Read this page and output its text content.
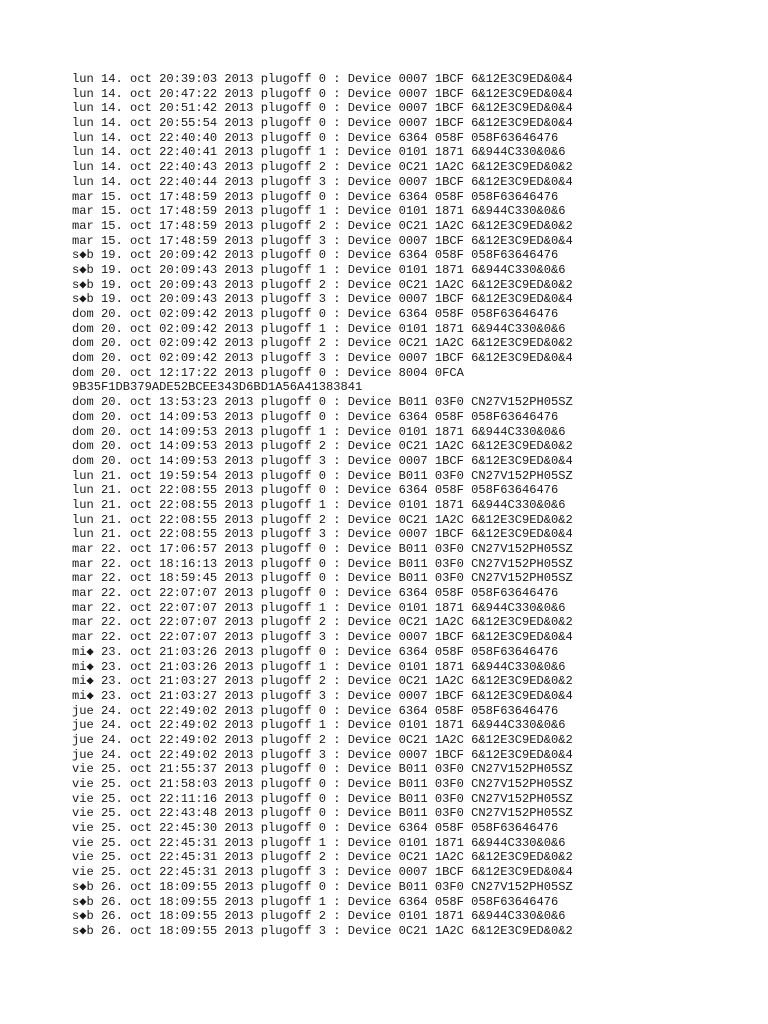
lun 14. oct 20:39:03 2013 plugoff 0 : Device 0007 1BCF 6&12E3C9ED&0&4
lun 14. oct 20:47:22 2013 plugoff 0 : Device 0007 1BCF 6&12E3C9ED&0&4
lun 14. oct 20:51:42 2013 plugoff 0 : Device 0007 1BCF 6&12E3C9ED&0&4
lun 14. oct 20:55:54 2013 plugoff 0 : Device 0007 1BCF 6&12E3C9ED&0&4
lun 14. oct 22:40:40 2013 plugoff 0 : Device 6364 058F 058F63646476
lun 14. oct 22:40:41 2013 plugoff 1 : Device 0101 1871 6&944C330&0&6
lun 14. oct 22:40:43 2013 plugoff 2 : Device 0C21 1A2C 6&12E3C9ED&0&2
lun 14. oct 22:40:44 2013 plugoff 3 : Device 0007 1BCF 6&12E3C9ED&0&4
mar 15. oct 17:48:59 2013 plugoff 0 : Device 6364 058F 058F63646476
mar 15. oct 17:48:59 2013 plugoff 1 : Device 0101 1871 6&944C330&0&6
mar 15. oct 17:48:59 2013 plugoff 2 : Device 0C21 1A2C 6&12E3C9ED&0&2
mar 15. oct 17:48:59 2013 plugoff 3 : Device 0007 1BCF 6&12E3C9ED&0&4
s◆b 19. oct 20:09:42 2013 plugoff 0 : Device 6364 058F 058F63646476
s◆b 19. oct 20:09:43 2013 plugoff 1 : Device 0101 1871 6&944C330&0&6
s◆b 19. oct 20:09:43 2013 plugoff 2 : Device 0C21 1A2C 6&12E3C9ED&0&2
s◆b 19. oct 20:09:43 2013 plugoff 3 : Device 0007 1BCF 6&12E3C9ED&0&4
dom 20. oct 02:09:42 2013 plugoff 0 : Device 6364 058F 058F63646476
dom 20. oct 02:09:42 2013 plugoff 1 : Device 0101 1871 6&944C330&0&6
dom 20. oct 02:09:42 2013 plugoff 2 : Device 0C21 1A2C 6&12E3C9ED&0&2
dom 20. oct 02:09:42 2013 plugoff 3 : Device 0007 1BCF 6&12E3C9ED&0&4
dom 20. oct 12:17:22 2013 plugoff 0 : Device 8004 0FCA
9B35F1DB379ADE52BCEE343D6BD1A56A41383841
dom 20. oct 13:53:23 2013 plugoff 0 : Device B011 03F0 CN27V152PH05SZ
dom 20. oct 14:09:53 2013 plugoff 0 : Device 6364 058F 058F63646476
dom 20. oct 14:09:53 2013 plugoff 1 : Device 0101 1871 6&944C330&0&6
dom 20. oct 14:09:53 2013 plugoff 2 : Device 0C21 1A2C 6&12E3C9ED&0&2
dom 20. oct 14:09:53 2013 plugoff 3 : Device 0007 1BCF 6&12E3C9ED&0&4
lun 21. oct 19:59:54 2013 plugoff 0 : Device B011 03F0 CN27V152PH05SZ
lun 21. oct 22:08:55 2013 plugoff 0 : Device 6364 058F 058F63646476
lun 21. oct 22:08:55 2013 plugoff 1 : Device 0101 1871 6&944C330&0&6
lun 21. oct 22:08:55 2013 plugoff 2 : Device 0C21 1A2C 6&12E3C9ED&0&2
lun 21. oct 22:08:55 2013 plugoff 3 : Device 0007 1BCF 6&12E3C9ED&0&4
mar 22. oct 17:06:57 2013 plugoff 0 : Device B011 03F0 CN27V152PH05SZ
mar 22. oct 18:16:13 2013 plugoff 0 : Device B011 03F0 CN27V152PH05SZ
mar 22. oct 18:59:45 2013 plugoff 0 : Device B011 03F0 CN27V152PH05SZ
mar 22. oct 22:07:07 2013 plugoff 0 : Device 6364 058F 058F63646476
mar 22. oct 22:07:07 2013 plugoff 1 : Device 0101 1871 6&944C330&0&6
mar 22. oct 22:07:07 2013 plugoff 2 : Device 0C21 1A2C 6&12E3C9ED&0&2
mar 22. oct 22:07:07 2013 plugoff 3 : Device 0007 1BCF 6&12E3C9ED&0&4
mi◆ 23. oct 21:03:26 2013 plugoff 0 : Device 6364 058F 058F63646476
mi◆ 23. oct 21:03:26 2013 plugoff 1 : Device 0101 1871 6&944C330&0&6
mi◆ 23. oct 21:03:27 2013 plugoff 2 : Device 0C21 1A2C 6&12E3C9ED&0&2
mi◆ 23. oct 21:03:27 2013 plugoff 3 : Device 0007 1BCF 6&12E3C9ED&0&4
jue 24. oct 22:49:02 2013 plugoff 0 : Device 6364 058F 058F63646476
jue 24. oct 22:49:02 2013 plugoff 1 : Device 0101 1871 6&944C330&0&6
jue 24. oct 22:49:02 2013 plugoff 2 : Device 0C21 1A2C 6&12E3C9ED&0&2
jue 24. oct 22:49:02 2013 plugoff 3 : Device 0007 1BCF 6&12E3C9ED&0&4
vie 25. oct 21:55:37 2013 plugoff 0 : Device B011 03F0 CN27V152PH05SZ
vie 25. oct 21:58:03 2013 plugoff 0 : Device B011 03F0 CN27V152PH05SZ
vie 25. oct 22:11:16 2013 plugoff 0 : Device B011 03F0 CN27V152PH05SZ
vie 25. oct 22:43:48 2013 plugoff 0 : Device B011 03F0 CN27V152PH05SZ
vie 25. oct 22:45:30 2013 plugoff 0 : Device 6364 058F 058F63646476
vie 25. oct 22:45:31 2013 plugoff 1 : Device 0101 1871 6&944C330&0&6
vie 25. oct 22:45:31 2013 plugoff 2 : Device 0C21 1A2C 6&12E3C9ED&0&2
vie 25. oct 22:45:31 2013 plugoff 3 : Device 0007 1BCF 6&12E3C9ED&0&4
s◆b 26. oct 18:09:55 2013 plugoff 0 : Device B011 03F0 CN27V152PH05SZ
s◆b 26. oct 18:09:55 2013 plugoff 1 : Device 6364 058F 058F63646476
s◆b 26. oct 18:09:55 2013 plugoff 2 : Device 0101 1871 6&944C330&0&6
s◆b 26. oct 18:09:55 2013 plugoff 3 : Device 0C21 1A2C 6&12E3C9ED&0&2
